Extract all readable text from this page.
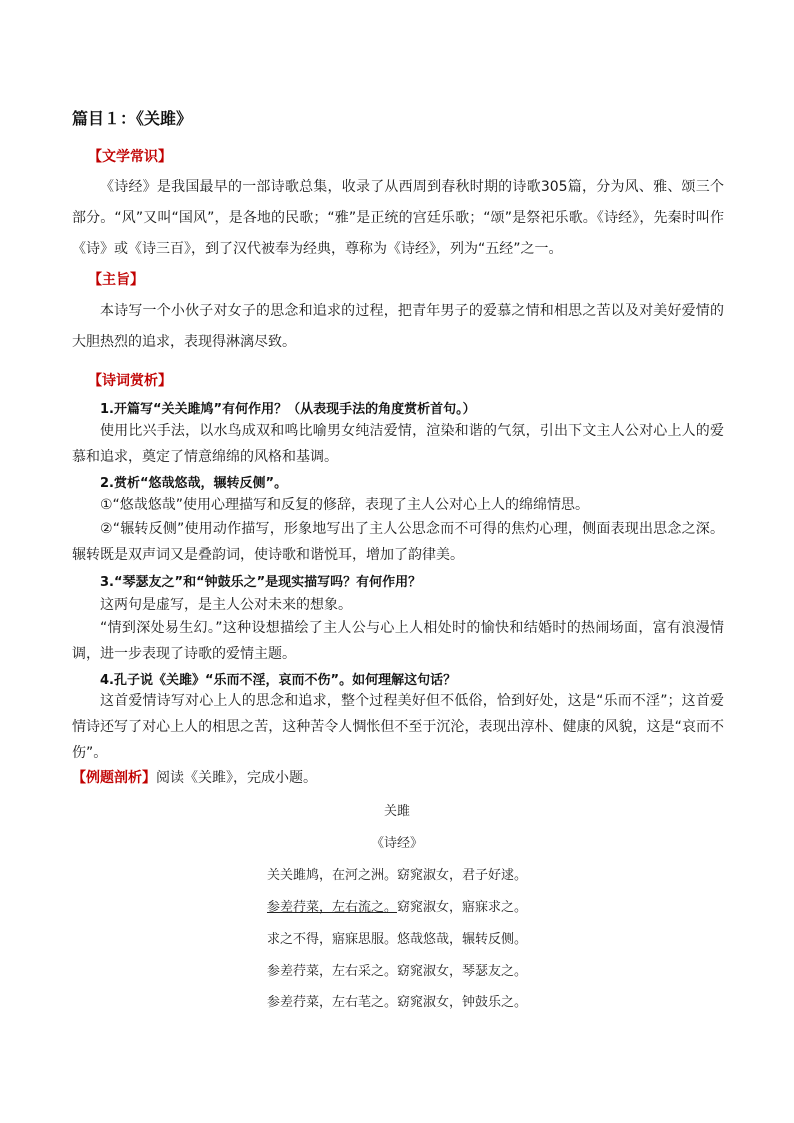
篇目１：《关雎》
【文学常识】
《诗经》是我国最早的一部诗歌总集，收录了从西周到春秋时期的诗歌305篇，分为风、雅、颂三个部分。“风”又叫“国风”，是各地的民歌；“雅”是正统的宫廷乐歌；“颂”是祭祀乐歌。《诗经》，先秦时叫作《诗》或《诗三百》，到了汉代被奉为经典，尊称为《诗经》，列为“五经”之一。
【主旨】
本诗写一个小伙子对女子的思念和追求的过程，把青年男子的爱慕之情和相思之苦以及对美好爱情的大胆热烈的追求，表现得淋漓尽致。
【诗词赏析】
1.开篇写“关关雎鸠”有何作用？（从表现手法的角度赏析首句。）
使用比兴手法，以水鸟成双和鸣比喻男女纯洁爱情，渲染和谐的气氛，引出下文主人公对心上人的爱慕和追求，奠定了情意绵绵的风格和基调。
2.赏析“悠哉悠哉，辗转反侧”。
①“悠哉悠哉”使用心理描写和反复的修辞，表现了主人公对心上人的绵绵情思。
②“辗转反侧”使用动作描写，形象地写出了主人公思念而不可得的焦灼心理，侧面表现出思念之深。辗转既是双声词又是叠韵词，使诗歌和谐悦耳，增加了韵律美。
3.“琴瑟友之”和“钟鼓乐之”是现实描写吗？有何作用？
这两句是虚写，是主人公对未来的想象。
“情到深处易生幻。”这种设想描绘了主人公与心上人相处时的愉快和结婚时的热闹场面，富有浪漫情调，进一步表现了诗歌的爱情主题。
4.孔子说《关雎》“乐而不淫，哀而不伤”。如何理解这句话？
这首爱情诗写对心上人的思念和追求，整个过程美好但不低俗，恰到好处，这是“乐而不淫”；这首爱情诗还写了对心上人的相思之苦，这种苦令人惆怅但不至于沉沦，表现出淳朴、健康的风貌，这是“哀而不伤”。
【例题剖析】阅读《关雎》，完成小题。
关雎
《诗经》
关关雎鸠，在河之洲。窈窕淑女，君子好逑。
参差荇菜，左右流之。窈窕淑女，寤寐求之。
求之不得，寤寐思服。悠哉悠哉，辗转反侧。
参差荇菜，左右采之。窈窕淑女，琴瑟友之。
参差荇菜，左右芼之。窈窕淑女，钟鼓乐之。
